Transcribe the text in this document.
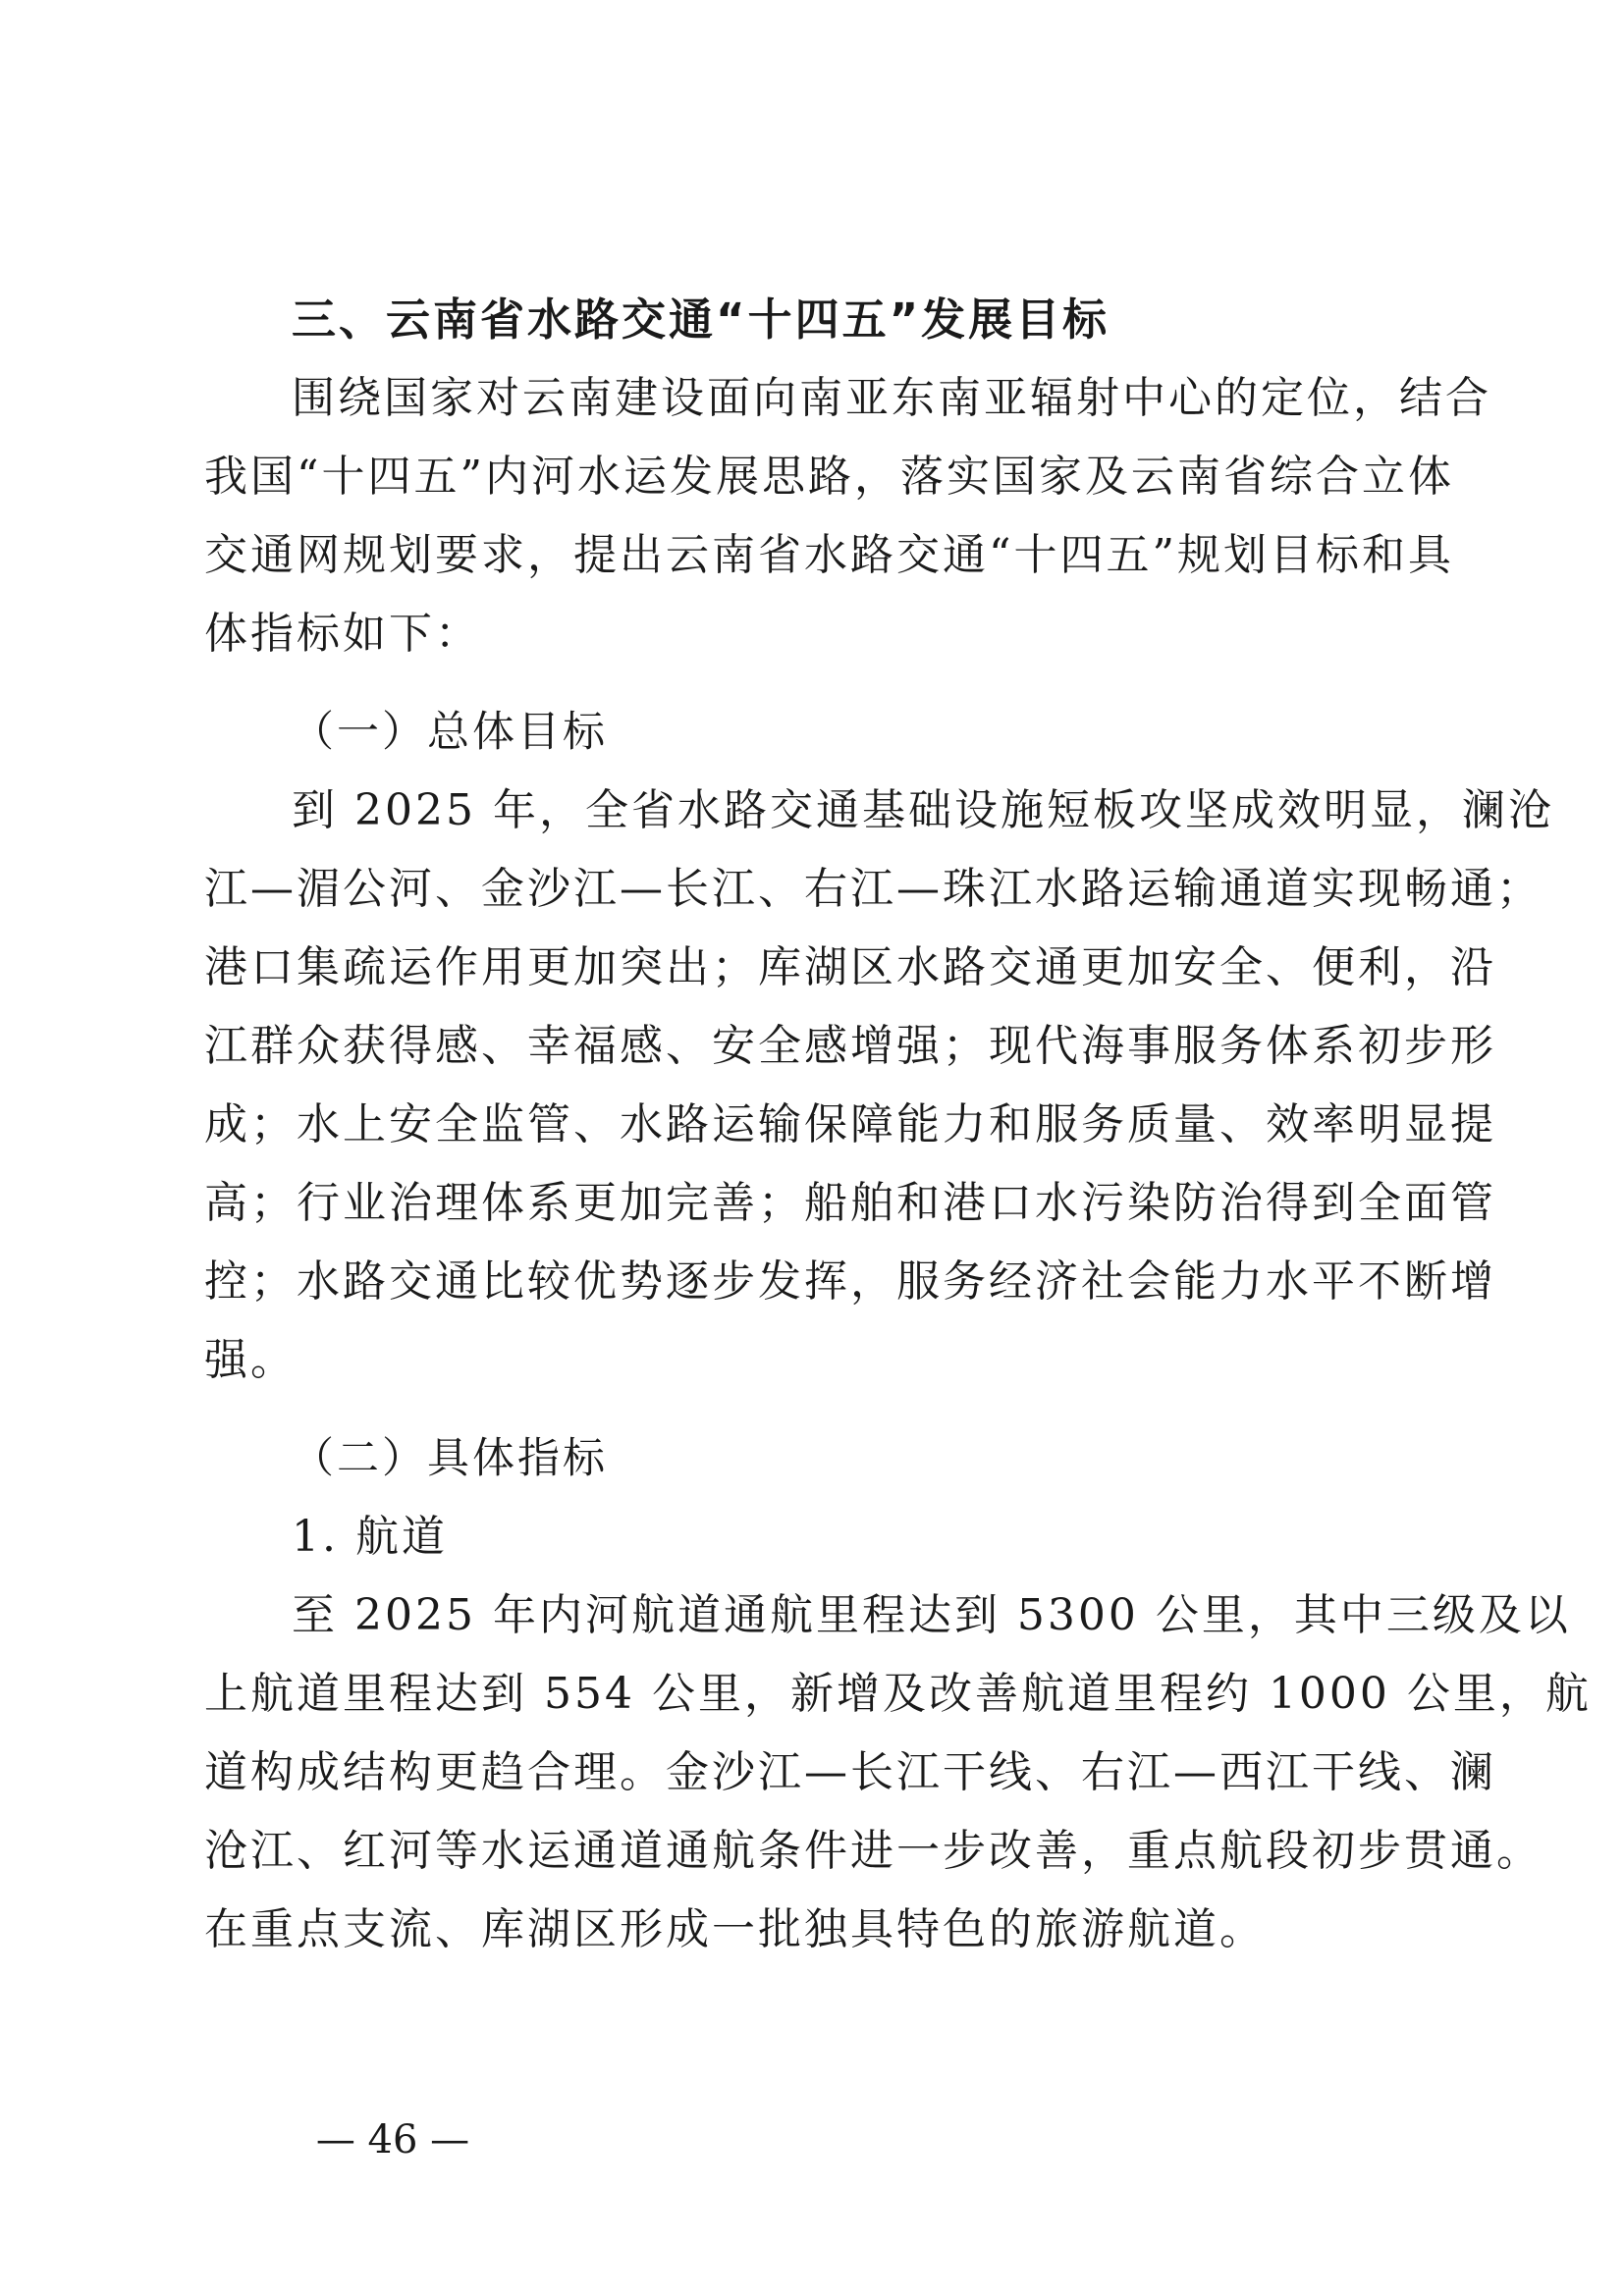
三、云南省水路交通“十四五”发展目标
围绕国家对云南建设面向南亚东南亚辐射中心的定位，结合
我国“十四五”内河水运发展思路，落实国家及云南省综合立体
交通网规划要求，提出云南省水路交通“十四五”规划目标和具
体指标如下：
（一）总体目标
到 2025 年，全省水路交通基础设施短板攻坚成效明显，澜沧
江—湄公河、金沙江—长江、右江—珠江水路运输通道实现畅通；
港口集疏运作用更加突出；库湖区水路交通更加安全、便利，沿
江群众获得感、幸福感、安全感增强；现代海事服务体系初步形
成；水上安全监管、水路运输保障能力和服务质量、效率明显提
高；行业治理体系更加完善；船舶和港口水污染防治得到全面管
控；水路交通比较优势逐步发挥，服务经济社会能力水平不断增
强。
（二）具体指标
1. 航道
至 2025 年内河航道通航里程达到 5300 公里，其中三级及以
上航道里程达到 554 公里，新增及改善航道里程约 1000 公里，航
道构成结构更趋合理。金沙江—长江干线、右江—西江干线、澜
沧江、红河等水运通道通航条件进一步改善，重点航段初步贯通。
在重点支流、库湖区形成一批独具特色的旅游航道。
— 46 —
